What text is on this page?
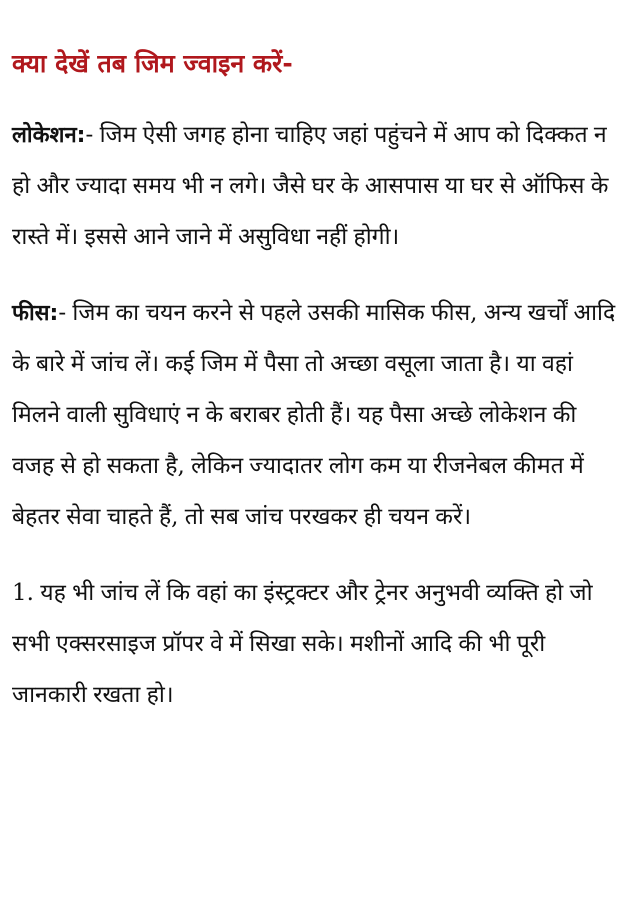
क्या देखें तब जिम ज्वाइन करें-

लोकेशन:- जिम ऐसी जगह होना चाहिए जहां पहुंचने में आप को दिक्कत न हो और ज्यादा समय भी न लगे। जैसे घर के आसपास या घर से ऑफिस के रास्ते में। इससे आने जाने में असुविधा नहीं होगी।

फीस:- जिम का चयन करने से पहले उसकी मासिक फीस, अन्य खर्चों आदि के बारे में जांच लें। कई जिम में पैसा तो अच्छा वसूला जाता है। या वहां मिलने वाली सुविधाएं न के बराबर होती हैं। यह पैसा अच्छे लोकेशन की वजह से हो सकता है, लेकिन ज्यादातर लोग कम या रीजनेबल कीमत में बेहतर सेवा चाहते हैं, तो सब जांच परखकर ही चयन करें।

1. यह भी जांच लें कि वहां का इंस्ट्रक्टर और ट्रेनर अनुभवी व्यक्ति हो जो सभी एक्सरसाइज प्रॉपर वे में सिखा सके। मशीनों आदि की भी पूरी जानकारी रखता हो।
